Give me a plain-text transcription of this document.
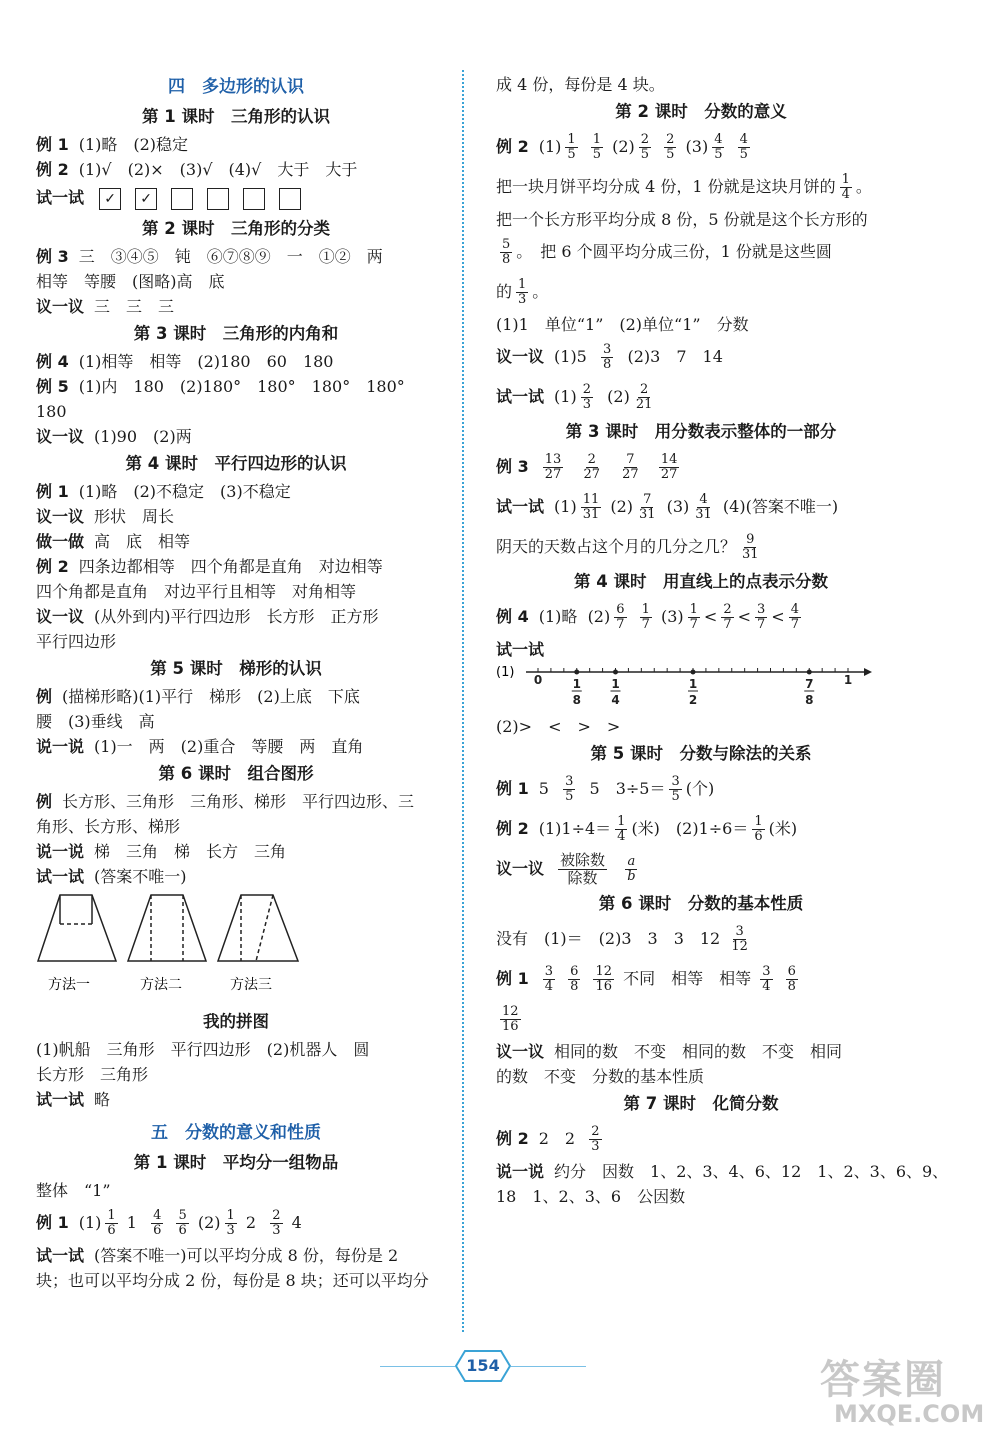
四　多边形的认识
第 1 课时　三角形的认识
例 1 (1)略　(2)稳定
例 2 (1)√　(2)×　(3)√　(4)√　大于　大于
试一试 ✓ ✓
第 2 课时　三角形的分类
例 3 三　③④⑤　钝　⑥⑦⑧⑨　一　①②　两
相等　等腰　(图略)高　底
议一议 三　三　三
第 3 课时　三角形的内角和
例 4 (1)相等　相等　(2)180　60　180
例 5 (1)内　180　(2)180°　180°　180°　180°
180
议一议 (1)90　(2)两
第 4 课时　平行四边形的认识
例 1 (1)略　(2)不稳定　(3)不稳定
议一议 形状　周长
做一做 高　底　相等
例 2 四条边都相等　四个角都是直角　对边相等
四个角都是直角　对边平行且相等　对角相等
议一议 (从外到内)平行四边形　长方形　正方形
平行四边形
第 5 课时　梯形的认识
例 (描梯形略)(1)平行　梯形　(2)上底　下底
腰　(3)垂线　高
说一说 (1)一　两　(2)重合　等腰　两　直角
第 6 课时　组合图形
例 长方形、三角形　三角形、梯形　平行四边形、三
角形、长方形、梯形
说一说 梯　三角　梯　长方　三角
试一试 (答案不唯一)
方法一	方法二	方法三
我的拼图
(1)帆船　三角形　平行四边形　(2)机器人　圆
长方形　三角形
试一试 略
五　分数的意义和性质
第 1 课时　平均分一组物品
整体　“1”
例 1 $(1) \frac{1}{6} 1 \frac{4}{6}$
$\frac{5}{6} (2) \frac{1}{3} 2 \frac{2}{3} 4$
试一试 (答案不唯一)可以平均分成 8 份，每份是 2
块；也可以平均分成 2 份，每份是 8 块；还可以平均分
成 4 份，每份是 4 块。
第 2 课时　分数的意义
例 2 $(1) \frac{1}{5}$
$\frac{1}{5} (2) \frac{2}{5}$
$\frac{2}{5} (3) \frac{4}{5}$
$\frac{4}{5}$
把一块月饼平均分成 4 份，1 份就是这块月饼的 $\frac{1}{4}$ 。
把一个长方形平均分成 8 份，5 份就是这个长方形的
$\frac{5}{8}$ 。　把 6 个圆平均分成三份，1 份就是这些圆
的 $\frac{1}{3}$ 。
(1)1　单位“1”　(2)单位“1”　分数
议一议 $(1)5 \frac{3}{8} (2)3$　7　14
试一试 $(1) \frac{2}{3} (2) \frac{2}{21}$
第 3 课时　用分数表示整体的一部分
例 $3 \frac{13}{27}$
$\frac{2}{27}$
$\frac{7}{27}$
$\frac{14}{27}$
试一试 $(1) \frac{11}{31} (2) \frac{7}{31} (3) \frac{4}{31} (4)$(答案不唯一)
阴天的天数占这个月的几分之几？ $\frac{9}{31}$
第 4 课时　用直线上的点表示分数
例 4 (1)略  $(2) \frac{6}{7}$
$\frac{1}{7} (3) \frac{1}{7} < \frac{2}{7} < \frac{3}{7} < \frac{4}{7}$
试一试
(1) 0	1
8
1
4
1
2
7
8
1
(2)>　<　>　>
第 5 课时　分数与除法的关系
例 1 $5 \frac{3}{5} 5$　$3\div 5= \frac{3}{5}$ (个)
例 2 $(1)1\div 4= \frac{1}{4}$ (米)　$(2)1\div 6= \frac{1}{6}$ (米)
议一议 $\frac{\text{被除数}}{\text{除数}}$
$\frac{a}{b}$
第 6 课时　分数的基本性质
没有　(1)＝　(2)3　3　3　$12 \frac{3}{12}$
例 $1 \frac{3}{4}$
$\frac{6}{8}$
$\frac{12}{16}$ 不同　相等　相等 $\frac{3}{4}$
$\frac{6}{8}$
$\frac{12}{16}$
议一议 相同的数　不变　相同的数　不变　相同
的数　不变　分数的基本性质
第 7 课时　化简分数
例 2 2　$2 \frac{2}{3}$
说一说 约分　因数　1、2、3、4、6、12　1、2、3、6、9、
18　1、2、3、6　公因数
154	答案圈
MXQE.COM
